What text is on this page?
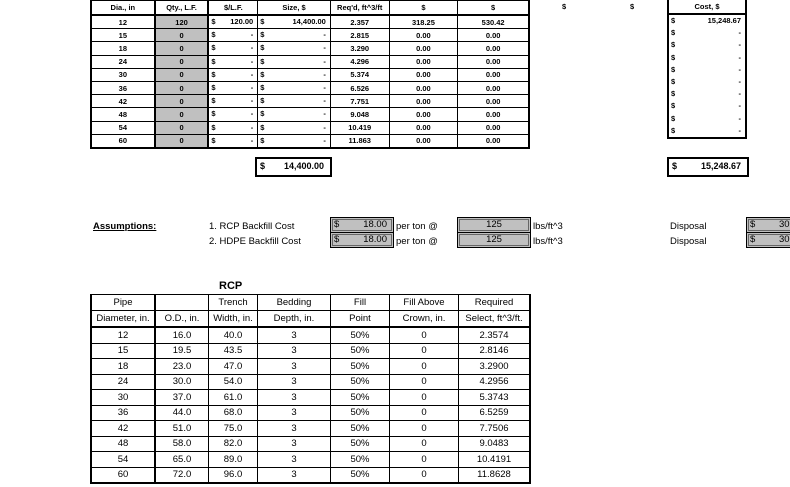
Dia., in	Qty., L.F.	$/L.F.	Size, $	Req'd, ft^3/ft	$	$
12	120	$ 120.00	$ 14,400.00	2.357	318.25	530.42
15	0	$ -	$ -	2.815	0.00	0.00
18	0	$ -	$ -	3.290	0.00	0.00
24	0	$ -	$ -	4.296	0.00	0.00
30	0	$ -	$ -	5.374	0.00	0.00
36	0	$ -	$ -	6.526	0.00	0.00
42	0	$ -	$ -	7.751	0.00	0.00
48	0	$ -	$ -	9.048	0.00	0.00
54	0	$ -	$ -	10.419	0.00	0.00
60	0	$ -	$ -	11.863	0.00	0.00
$	$
$ 14,400.00
Cost, $

$	15,248.67

$	-

$	-

$	-

$	-

$	-

$	-

$	-

$	-

$	-
$	15,248.67
Assumptions:	1. RCP Backfill Cost	$	18.00 per ton @	125	lbs/ft^3	Disposal	$ 30
2. HDPE Backfill Cost	$	18.00 per ton @	125	lbs/ft^3	Disposal	$ 30
RCP
Pipe		Trench	Bedding	Fill	Fill Above	Required
Diameter, in.	O.D., in.	Width, in.	Depth, in.	Point	Crown, in.	Select, ft^3/ft.
12	16.0	40.0	3	50%	0	2.3574
15	19.5	43.5	3	50%	0	2.8146
18	23.0	47.0	3	50%	0	3.2900
24	30.0	54.0	3	50%	0	4.2956
30	37.0	61.0	3	50%	0	5.3743
36	44.0	68.0	3	50%	0	6.5259
42	51.0	75.0	3	50%	0	7.7506
48	58.0	82.0	3	50%	0	9.0483
54	65.0	89.0	3	50%	0	10.4191
60	72.0	96.0	3	50%	0	11.8628
